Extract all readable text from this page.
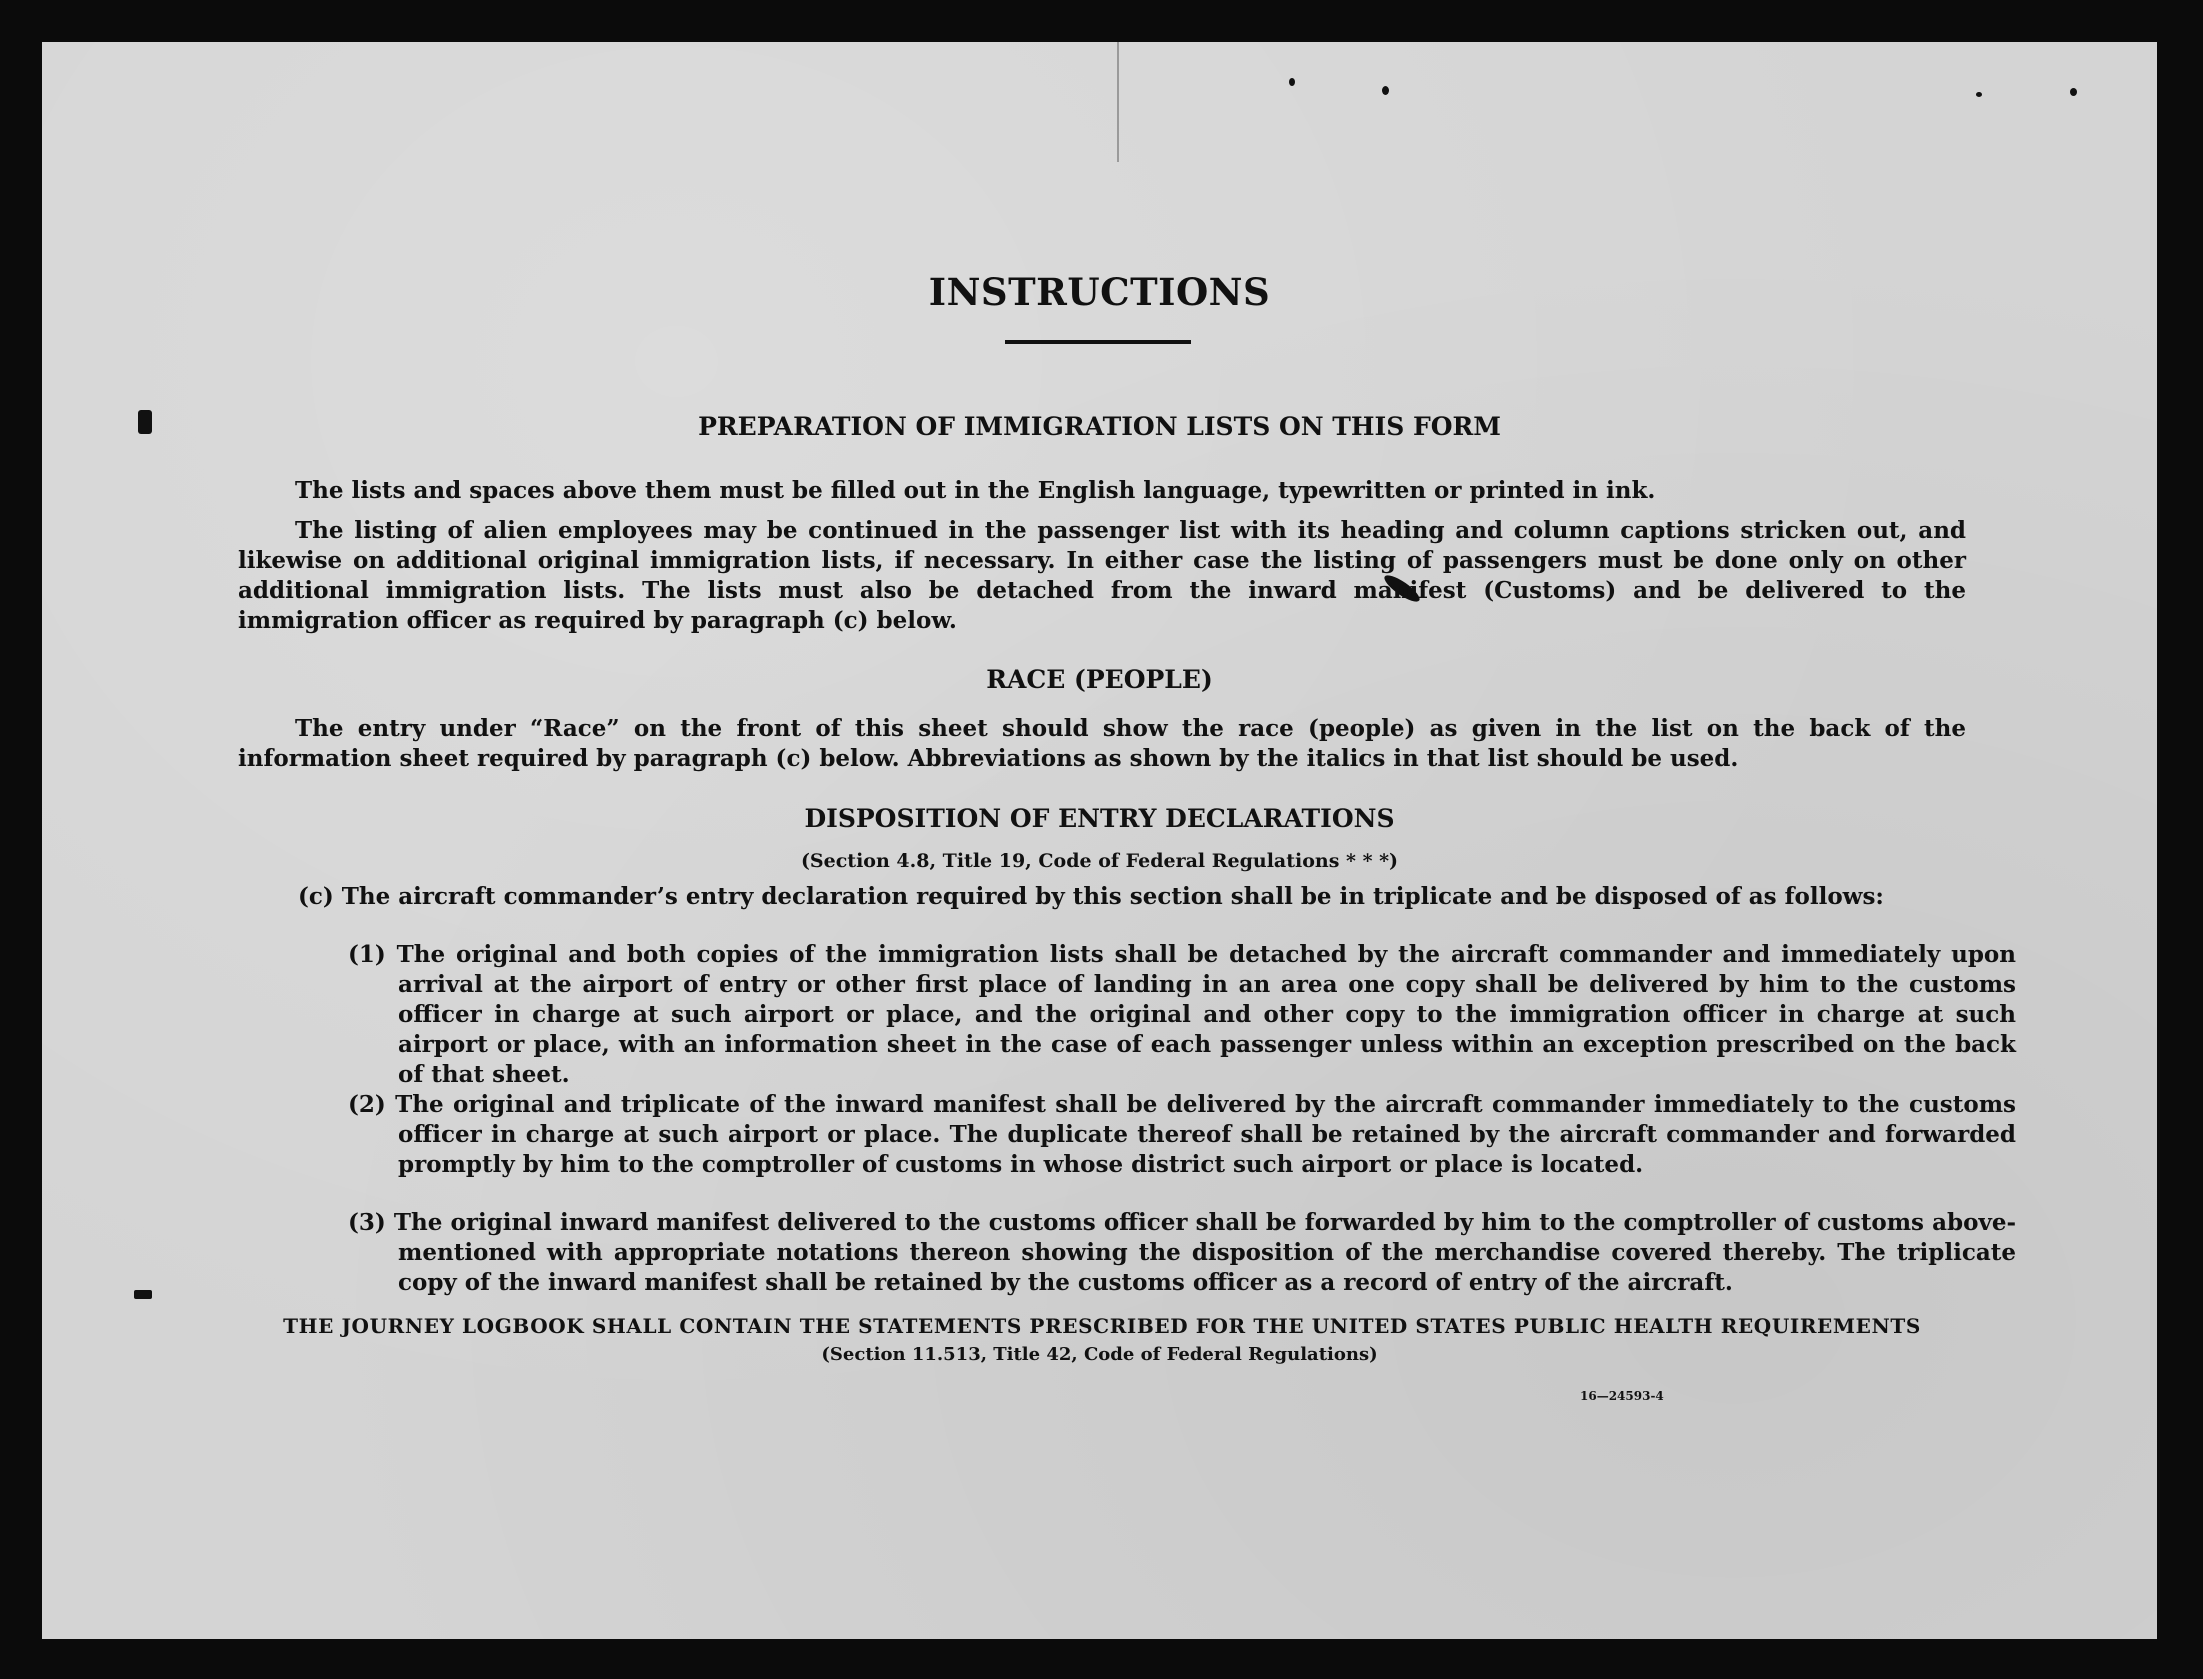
INSTRUCTIONS
PREPARATION OF IMMIGRATION LISTS ON THIS FORM

The lists and spaces above them must be filled out in the English language, typewritten or printed in ink.

The listing of alien employees may be continued in the passenger list with its heading and column captions stricken out, and likewise on additional original immigration lists, if necessary. In either case the listing of passengers must be done only on other additional immigration lists. The lists must also be detached from the inward manifest (Customs) and be delivered to the immigration officer as required by paragraph (c) below.

RACE (PEOPLE)

The entry under “Race” on the front of this sheet should show the race (people) as given in the list on the back of the information sheet required by paragraph (c) below. Abbreviations as shown by the italics in that list should be used.

DISPOSITION OF ENTRY DECLARATIONS
(Section 4.8, Title 19, Code of Federal Regulations * * *)

(c) The aircraft commander’s entry declaration required by this section shall be in triplicate and be disposed of as follows:

(1) The original and both copies of the immigration lists shall be detached by the aircraft commander and immediately upon arrival at the airport of entry or other first place of landing in an area one copy shall be delivered by him to the customs officer in charge at such airport or place, and the original and other copy to the immigration officer in charge at such airport or place, with an information sheet in the case of each passenger unless within an exception prescribed on the back of that sheet.

(2) The original and triplicate of the inward manifest shall be delivered by the aircraft commander immediately to the customs officer in charge at such airport or place. The duplicate thereof shall be retained by the aircraft commander and forwarded promptly by him to the comptroller of customs in whose district such airport or place is located.

(3) The original inward manifest delivered to the customs officer shall be forwarded by him to the comptroller of customs above-mentioned with appropriate notations thereon showing the disposition of the merchandise covered thereby. The triplicate copy of the inward manifest shall be retained by the customs officer as a record of entry of the aircraft.

THE JOURNEY LOGBOOK SHALL CONTAIN THE STATEMENTS PRESCRIBED FOR THE UNITED STATES PUBLIC HEALTH REQUIREMENTS
(Section 11.513, Title 42, Code of Federal Regulations)
16—24593-4
